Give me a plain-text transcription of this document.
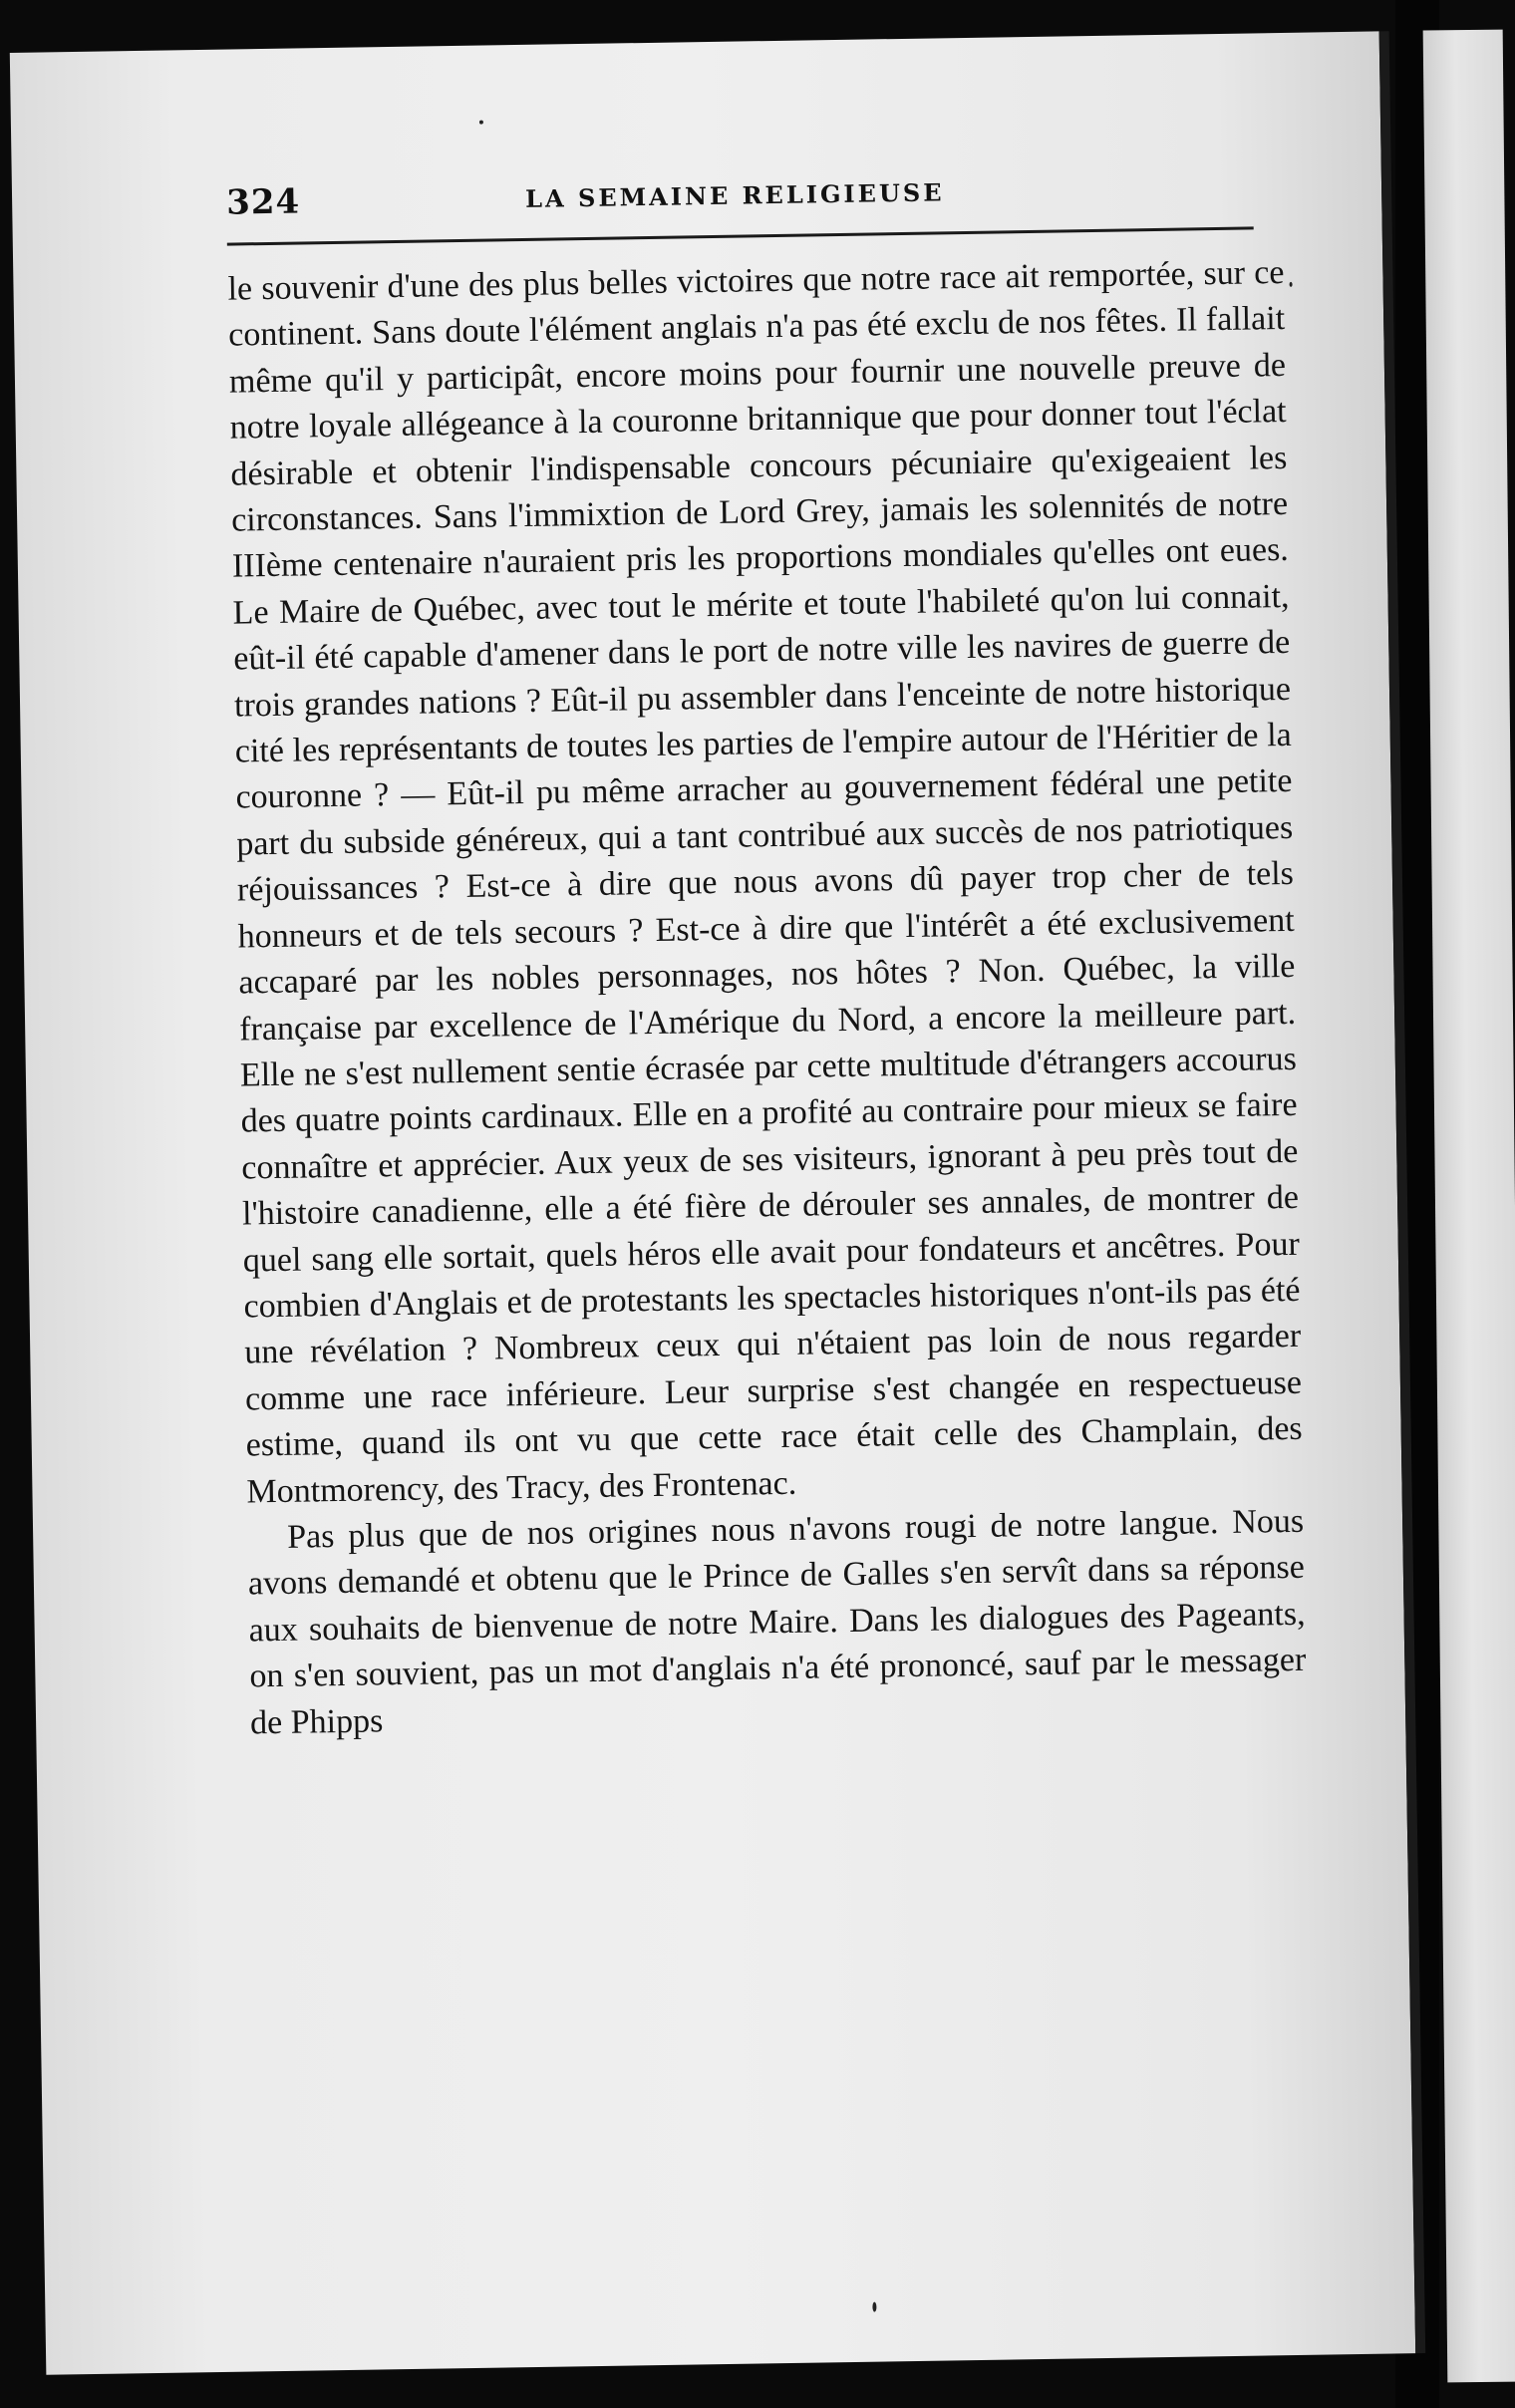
324	LA SEMAINE RELIGIEUSE

le souvenir d'une des plus belles victoires que notre race ait remportée, sur ce continent. Sans doute l'élément anglais n'a pas été exclu de nos fêtes. Il fallait même qu'il y participât, encore moins pour fournir une nouvelle preuve de notre loyale allégeance à la couronne britannique que pour donner tout l'éclat désirable et obtenir l'indispensable concours pécuniaire qu'exigeaient les circonstances. Sans l'immixtion de Lord Grey, jamais les solennités de notre IIIème centenaire n'auraient pris les proportions mondiales qu'elles ont eues. Le Maire de Québec, avec tout le mérite et toute l'habileté qu'on lui connait, eût-il été capable d'amener dans le port de notre ville les navires de guerre de trois grandes nations ? Eût-il pu assembler dans l'enceinte de notre historique cité les représentants de toutes les parties de l'empire autour de l'Héritier de la couronne ? — Eût-il pu même arracher au gouvernement fédéral une petite part du subside généreux, qui a tant contribué aux succès de nos patriotiques réjouissances ? Est-ce à dire que nous avons dû payer trop cher de tels honneurs et de tels secours ? Est-ce à dire que l'intérêt a été exclusivement accaparé par les nobles personnages, nos hôtes ? Non. Québec, la ville française par excellence de l'Amérique du Nord, a encore la meilleure part. Elle ne s'est nullement sentie écrasée par cette multitude d'étrangers accourus des quatre points cardinaux. Elle en a profité au contraire pour mieux se faire connaître et apprécier. Aux yeux de ses visiteurs, ignorant à peu près tout de l'histoire canadienne, elle a été fière de dérouler ses annales, de montrer de quel sang elle sortait, quels héros elle avait pour fondateurs et ancêtres. Pour combien d'Anglais et de protestants les spectacles historiques n'ont-ils pas été une révélation ? Nombreux ceux qui n'étaient pas loin de nous regarder comme une race inférieure. Leur surprise s'est changée en respectueuse estime, quand ils ont vu que cette race était celle des Champlain, des Montmorency, des Tracy, des Frontenac.

Pas plus que de nos origines nous n'avons rougi de notre langue. Nous avons demandé et obtenu que le Prince de Galles s'en servît dans sa réponse aux souhaits de bienvenue de notre Maire. Dans les dialogues des Pageants, on s'en souvient, pas un mot d'anglais n'a été prononcé, sauf par le messager de Phipps
